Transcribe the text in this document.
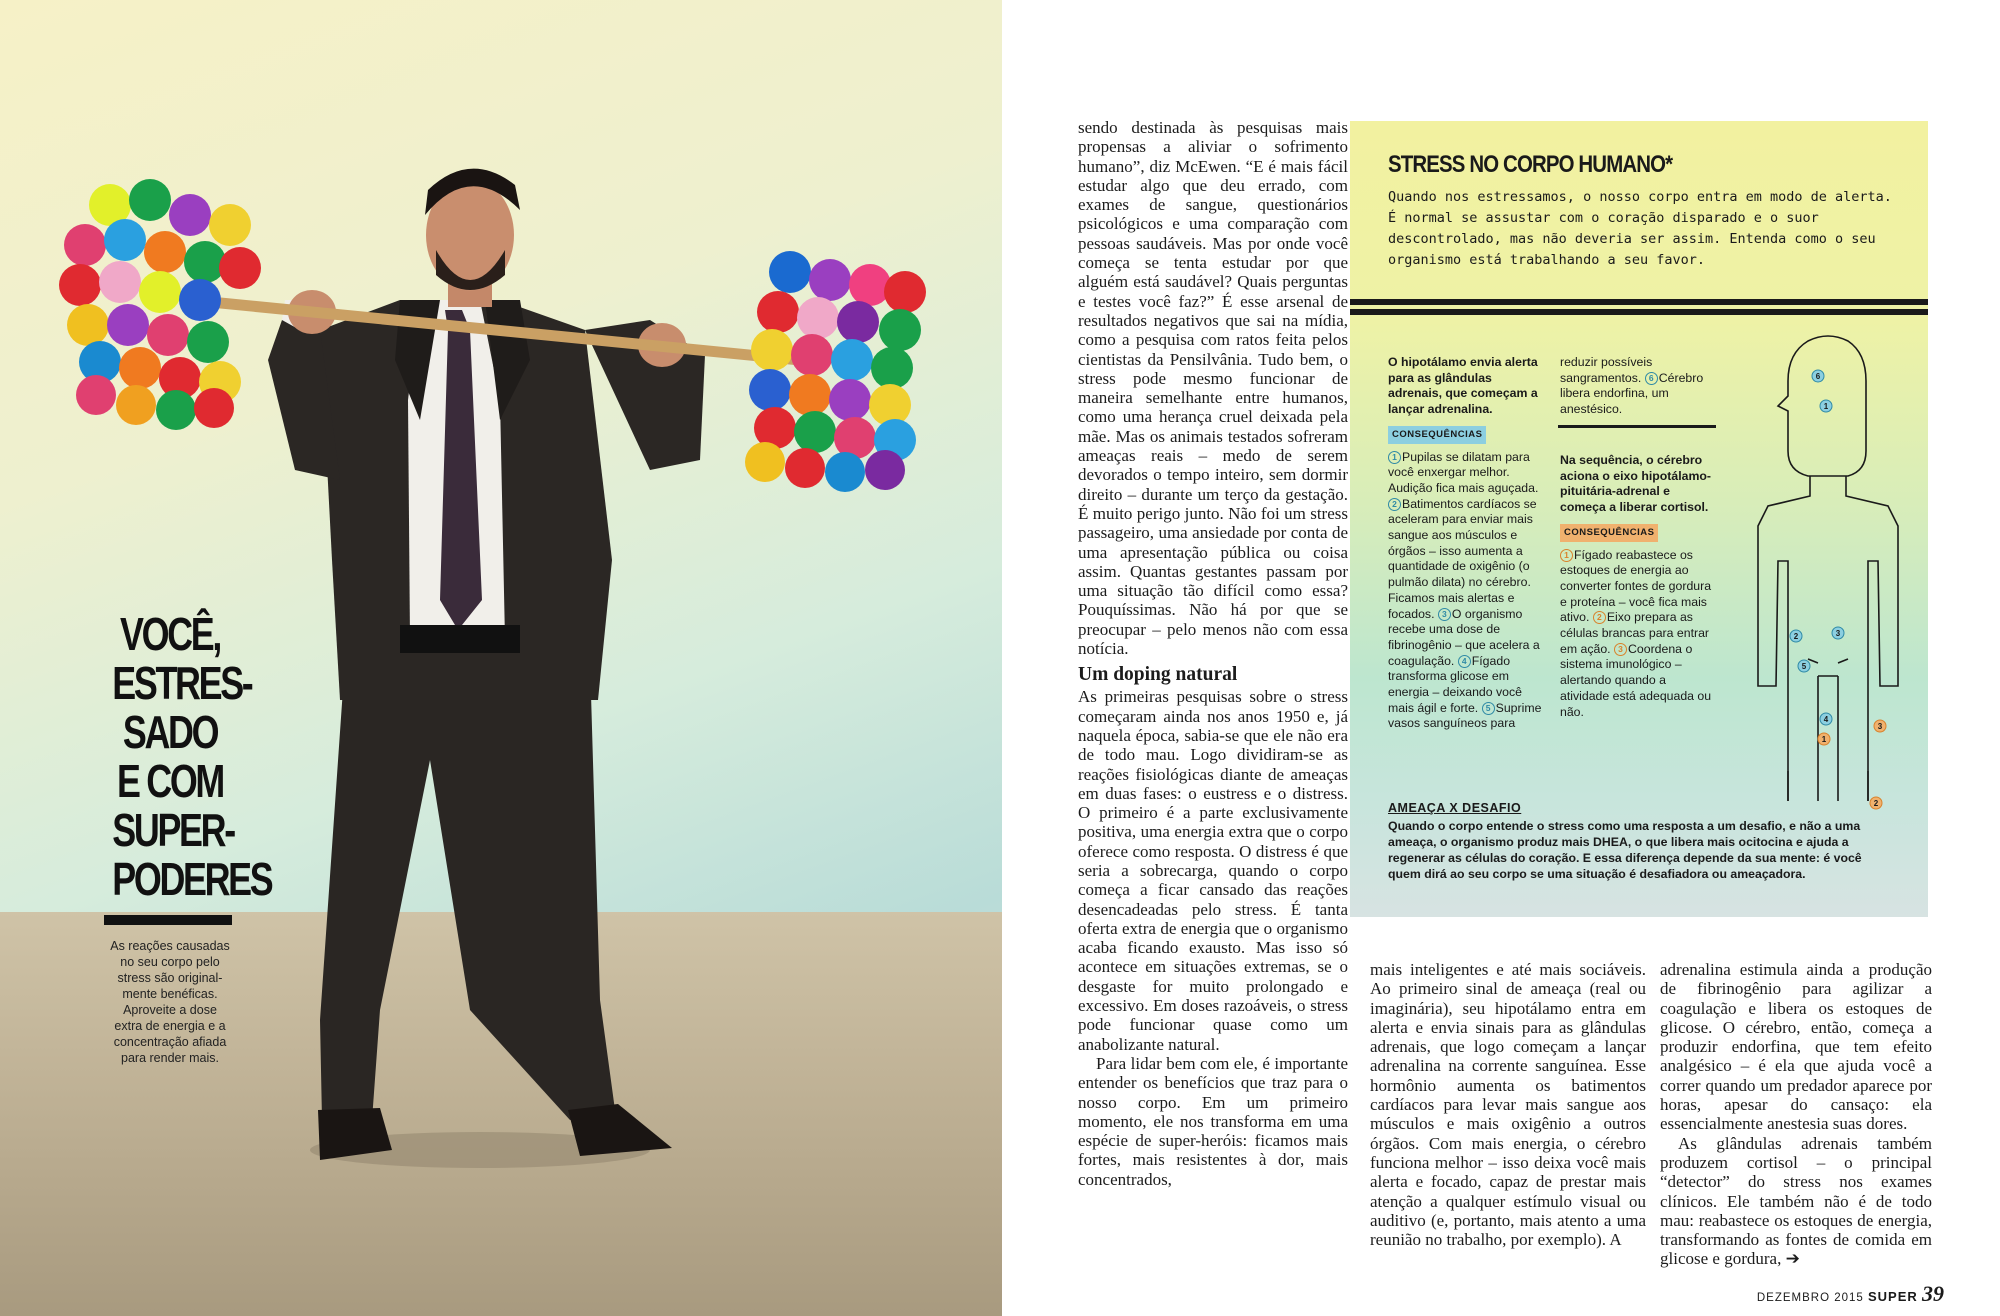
VOCÊ,
ESTRES-
SADO
E COM
SUPER-
PODERES
As reações causadas
no seu corpo pelo
stress são original-
mente benéficas.
Aproveite a dose
extra de energia e a
concentração afiada
para render mais.

sendo destinada às pesquisas mais propensas a aliviar o sofrimento humano”, diz McEwen. “E é mais fácil estudar algo que deu errado, com exames de sangue, questionários psicológicos e uma comparação com pessoas saudáveis. Mas por onde você começa se tenta estudar por que alguém está saudável? Quais perguntas e testes você faz?” É esse arsenal de resultados negativos que sai na mídia, como a pesquisa com ratos feita pelos cientistas da Pensilvânia. Tudo bem, o stress pode mesmo funcionar de maneira semelhante entre humanos, como uma herança cruel deixada pela mãe. Mas os animais testados sofreram ameaças reais – medo de serem devorados o tempo inteiro, sem dormir direito – durante um terço da gestação. É muito perigo junto. Não foi um stress passageiro, uma ansiedade por conta de uma apresentação pública ou coisa assim. Quantas gestantes passam por uma situação tão difícil como essa? Pouquíssimas. Não há por que se preocupar – pelo menos não com essa notícia.

Um doping natural

As primeiras pesquisas sobre o stress começaram ainda nos anos 1950 e, já naquela época, sabia-se que ele não era de todo mau. Logo dividiram-se as reações fisiológicas diante de ameaças em duas fases: o eustress e o distress. O primeiro é a parte exclusivamente positiva, uma energia extra que o corpo oferece como resposta. O distress é que seria a sobrecarga, quando o corpo começa a ficar cansado das reações desencadeadas pelo stress. É tanta oferta extra de energia que o organismo acaba ficando exausto. Mas isso só acontece em situações extremas, se o desgaste for muito prolongado e excessivo. Em doses razoáveis, o stress pode funcionar quase como um anabolizante natural.

Para lidar bem com ele, é importante entender os benefícios que traz para o nosso corpo. Em um primeiro momento, ele nos transforma em uma espécie de super-heróis: ficamos mais fortes, mais resistentes à dor, mais concentrados,

mais inteligentes e até mais sociáveis. Ao primeiro sinal de ameaça (real ou imaginária), seu hipotálamo entra em alerta e envia sinais para as glândulas adrenais, que logo começam a lançar adrenalina na corrente sanguínea. Esse hormônio aumenta os batimentos cardíacos para levar mais sangue aos músculos e mais oxigênio a outros órgãos. Com mais energia, o cérebro funciona melhor – isso deixa você mais alerta e focado, capaz de prestar mais atenção a qualquer estímulo visual ou auditivo (e, portanto, mais atento a uma reunião no trabalho, por exemplo). A

adrenalina estimula ainda a produção de fibrinogênio para agilizar a coagulação e libera os estoques de glicose. O cérebro, então, começa a produzir endorfina, que tem efeito analgésico – é ela que ajuda você a correr quando um predador aparece por horas, apesar do cansaço: ela essencialmente anestesia suas dores.

As glândulas adrenais também produzem cortisol – o principal “detector” do stress nos exames clínicos. Ele também não é de todo mau: reabastece os estoques de energia, transformando as fontes de comida em glicose e gordura, ➔

STRESS NO CORPO HUMANO*
Quando nos estressamos, o nosso corpo entra em modo de alerta. É normal se assustar com o coração disparado e o suor descontrolado, mas não deveria ser assim. Entenda como o seu organismo está trabalhando a seu favor.

O hipotálamo envia alerta para as glândulas adrenais, que começam a lançar adrenalina.

CONSEQUÊNCIAS

1 Pupilas se dilatam para você enxergar melhor. Audição fica mais aguçada. 2 Batimentos cardíacos se aceleram para enviar mais sangue aos músculos e órgãos – isso aumenta a quantidade de oxigênio (o pulmão dilata) no cérebro. Ficamos mais alertas e focados. 3 O organismo recebe uma dose de fibrinogênio – que acelera a coagulação. 4 Fígado transforma glicose em energia – deixando você mais ágil e forte. 5 Suprime vasos sanguíneos para

reduzir possíveis sangramentos. 6 Cérebro libera endorfina, um anestésico.

Na sequência, o cérebro aciona o eixo hipotálamo-pituitária-adrenal e começa a liberar cortisol.

CONSEQUÊNCIAS

1 Fígado reabastece os estoques de energia ao converter fontes de gordura e proteína – você fica mais ativo. 2 Eixo prepara as células brancas para entrar em ação. 3 Coordena o sistema imunológico – alertando quando a atividade está adequada ou não.

6
1
2	3
5
4
1
2
3
AMEAÇA X DESAFIO
Quando o corpo entende o stress como uma resposta a um desafio, e não a uma ameaça, o organismo produz mais DHEA, o que libera mais ocitocina e ajuda a regenerar as células do coração. E essa diferença depende da sua mente: é você quem dirá ao seu corpo se uma situação é desafiadora ou ameaçadora.
DEZEMBRO 2015 SUPER 39
